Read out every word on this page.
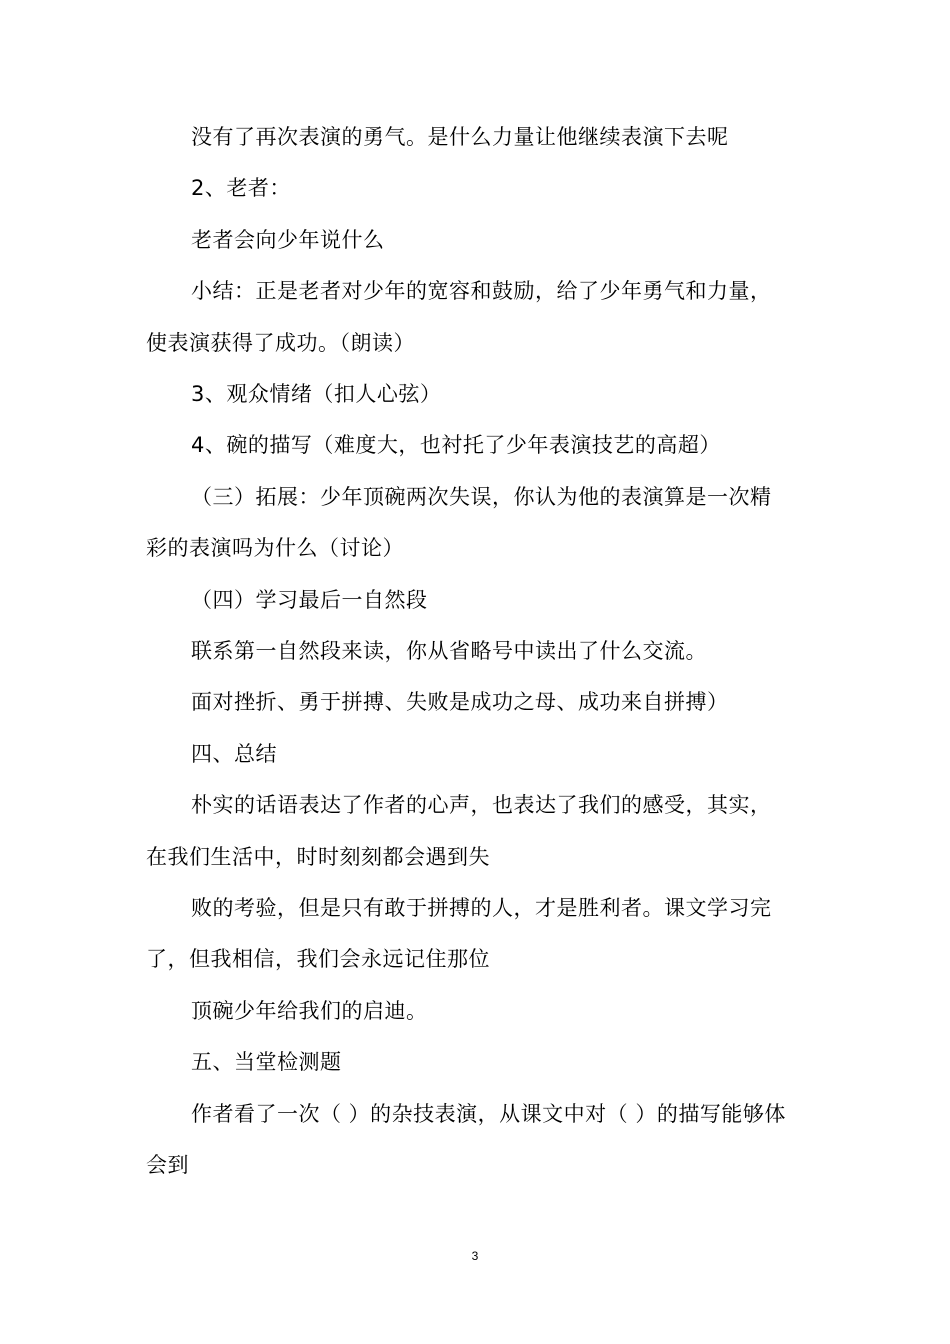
没有了再次表演的勇气。是什么力量让他继续表演下去呢
2、老者：
老者会向少年说什么
小结：正是老者对少年的宽容和鼓励，给了少年勇气和力量，
使表演获得了成功。（朗读）
3、观众情绪（扣人心弦）
4、碗的描写（难度大，也衬托了少年表演技艺的高超）
（三）拓展：少年顶碗两次失误，你认为他的表演算是一次精
彩的表演吗为什么（讨论）
（四）学习最后一自然段
联系第一自然段来读，你从省略号中读出了什么交流。
面对挫折、勇于拼搏、失败是成功之母、成功来自拼搏）
四、总结
朴实的话语表达了作者的心声，也表达了我们的感受，其实，
在我们生活中，时时刻刻都会遇到失
败的考验，但是只有敢于拼搏的人，才是胜利者。课文学习完
了，但我相信，我们会永远记住那位
顶碗少年给我们的启迪。
五、当堂检测题
作者看了一次（ ）的杂技表演，从课文中对（ ）的描写能够体
会到
3
